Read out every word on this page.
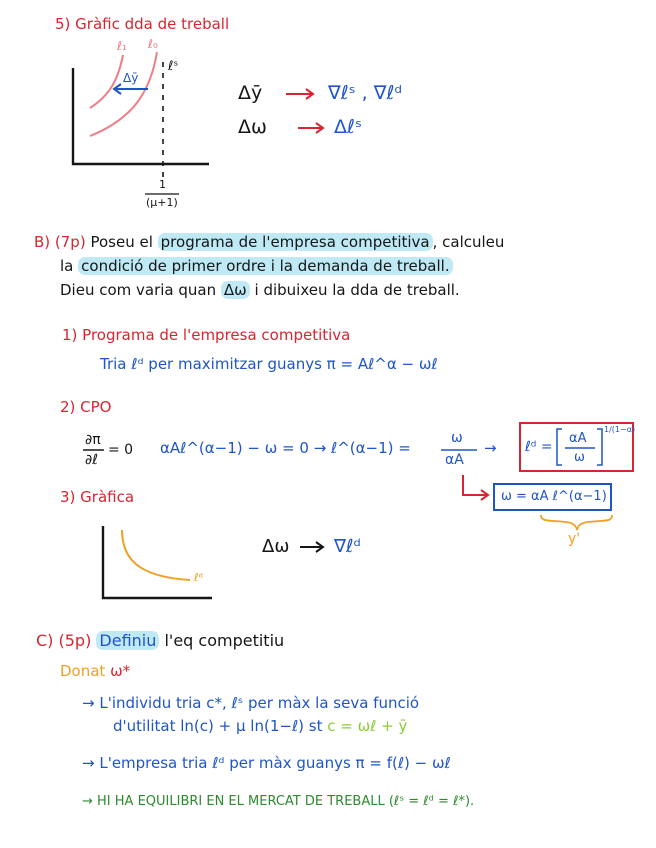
5) Gràfic dda de treball
ℓ₁ ℓ₀
Δȳ
ℓˢ
1
(μ+1)
Δȳ	∇ℓˢ , ∇ℓᵈ
Δω	Δℓˢ
B) (7p) Poseu el programa de l'empresa competitiva , calculeu
la condició de primer ordre i la demanda de treball.
Dieu com varia quan Δω i dibuixeu la dda de treball.
1) Programa de l'empresa competitiva
Tria ℓᵈ per maximitzar guanys π = Aℓ^α − ωℓ
2) CPO
∂π
∂ℓ
= 0 αAℓ^(α−1) − ω = 0 → ℓ^(α−1) =
ω
αA
→ ℓᵈ =
αA
ω
1/(1−α)
ω = αA ℓ^(α−1)
y'
3) Gràfica
ℓᵈ
Δω ∇ℓᵈ
C) (5p) Definiu l'eq competitiu
Donat ω*
→ L'individu tria c*, ℓˢ per màx la seva funció
d'utilitat ln(c) + μ ln(1−ℓ) st c = ωℓ + ȳ
→ L'empresa tria ℓᵈ per màx guanys π = f(ℓ) − ωℓ
→ HI HA EQUILIBRI EN EL MERCAT DE TREBALL (ℓˢ = ℓᵈ = ℓ*).
